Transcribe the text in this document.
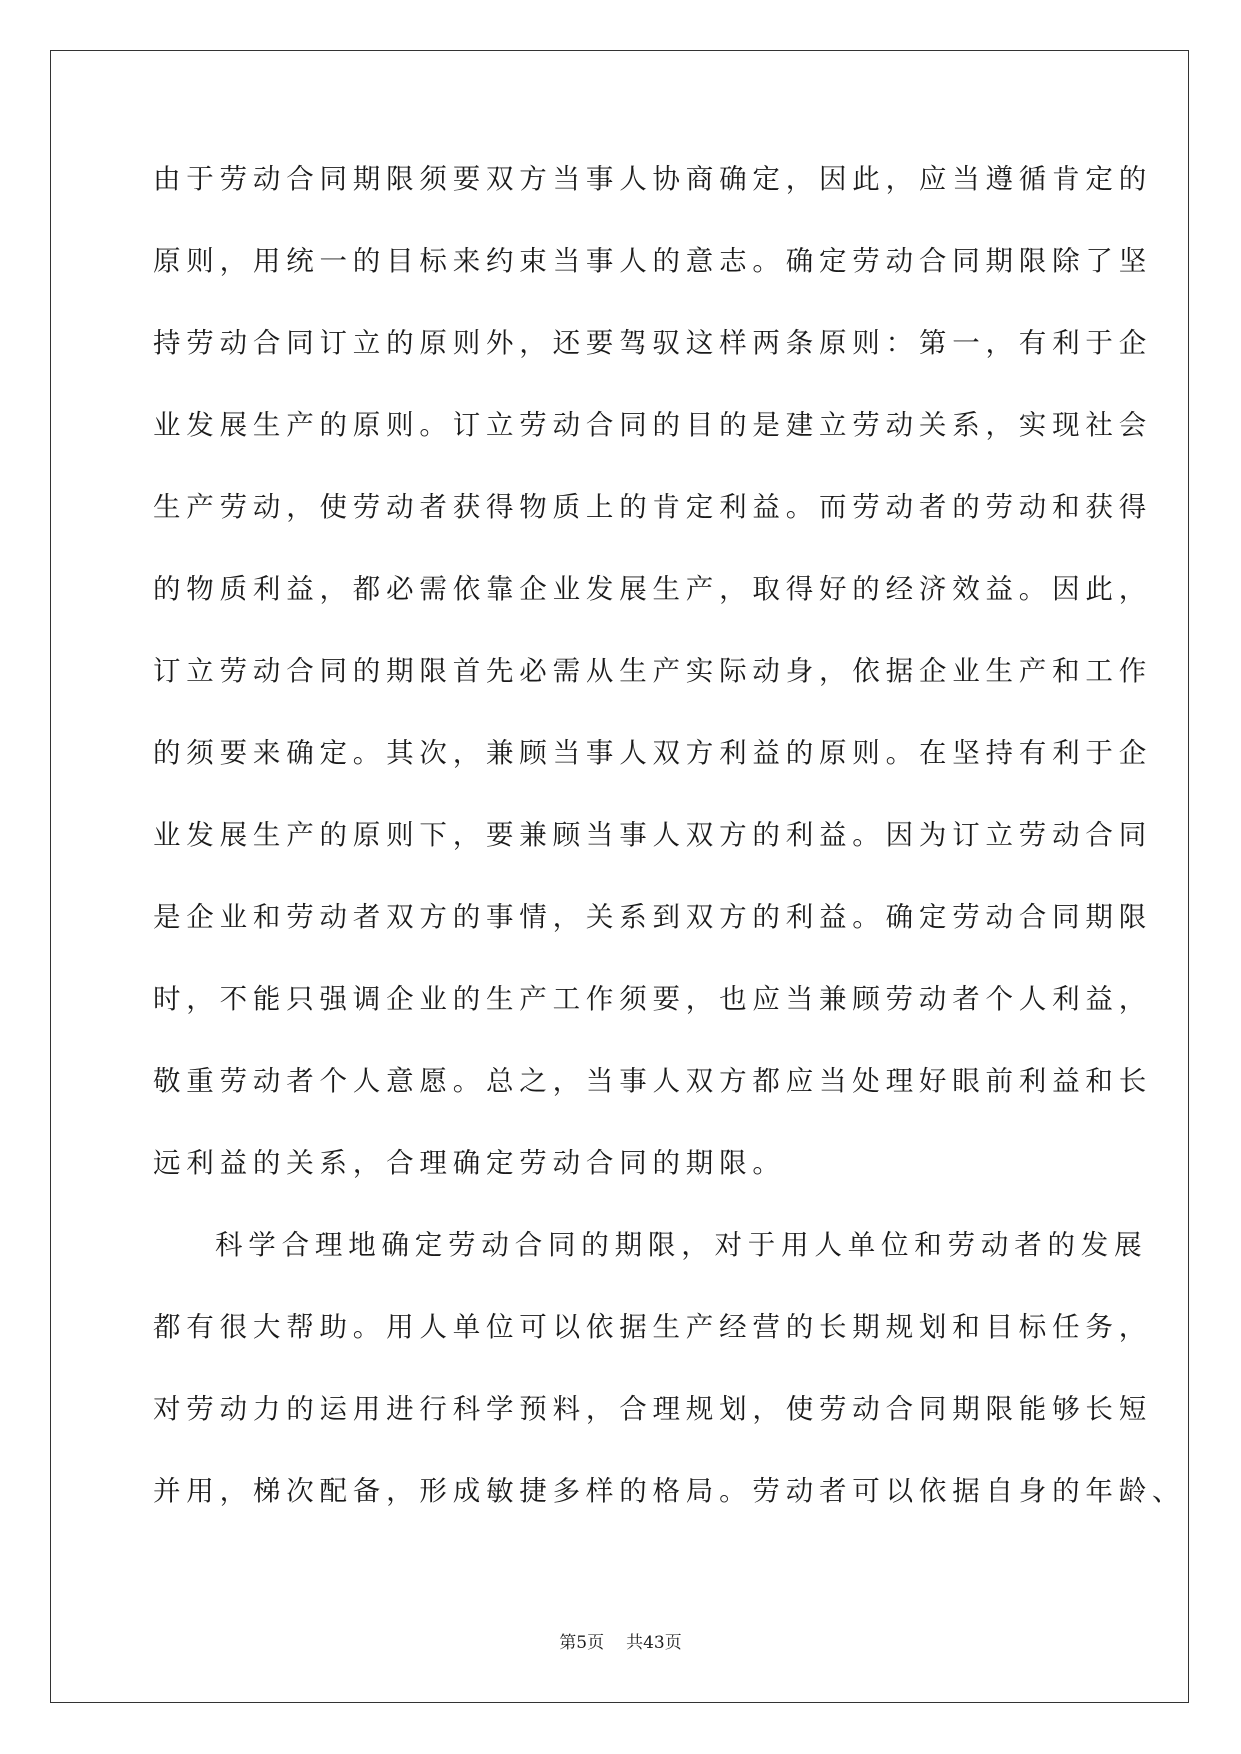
由于劳动合同期限须要双方当事人协商确定，因此，应当遵循肯定的
原则，用统一的目标来约束当事人的意志。确定劳动合同期限除了坚
持劳动合同订立的原则外，还要驾驭这样两条原则：第一，有利于企
业发展生产的原则。订立劳动合同的目的是建立劳动关系，实现社会
生产劳动，使劳动者获得物质上的肯定利益。而劳动者的劳动和获得
的物质利益，都必需依靠企业发展生产，取得好的经济效益。因此，
订立劳动合同的期限首先必需从生产实际动身，依据企业生产和工作
的须要来确定。其次，兼顾当事人双方利益的原则。在坚持有利于企
业发展生产的原则下，要兼顾当事人双方的利益。因为订立劳动合同
是企业和劳动者双方的事情，关系到双方的利益。确定劳动合同期限
时，不能只强调企业的生产工作须要，也应当兼顾劳动者个人利益，
敬重劳动者个人意愿。总之，当事人双方都应当处理好眼前利益和长
远利益的关系，合理确定劳动合同的期限。
科学合理地确定劳动合同的期限，对于用人单位和劳动者的发展
都有很大帮助。用人单位可以依据生产经营的长期规划和目标任务，
对劳动力的运用进行科学预料，合理规划，使劳动合同期限能够长短
并用，梯次配备，形成敏捷多样的格局。劳动者可以依据自身的年龄、
第5页 共43页
